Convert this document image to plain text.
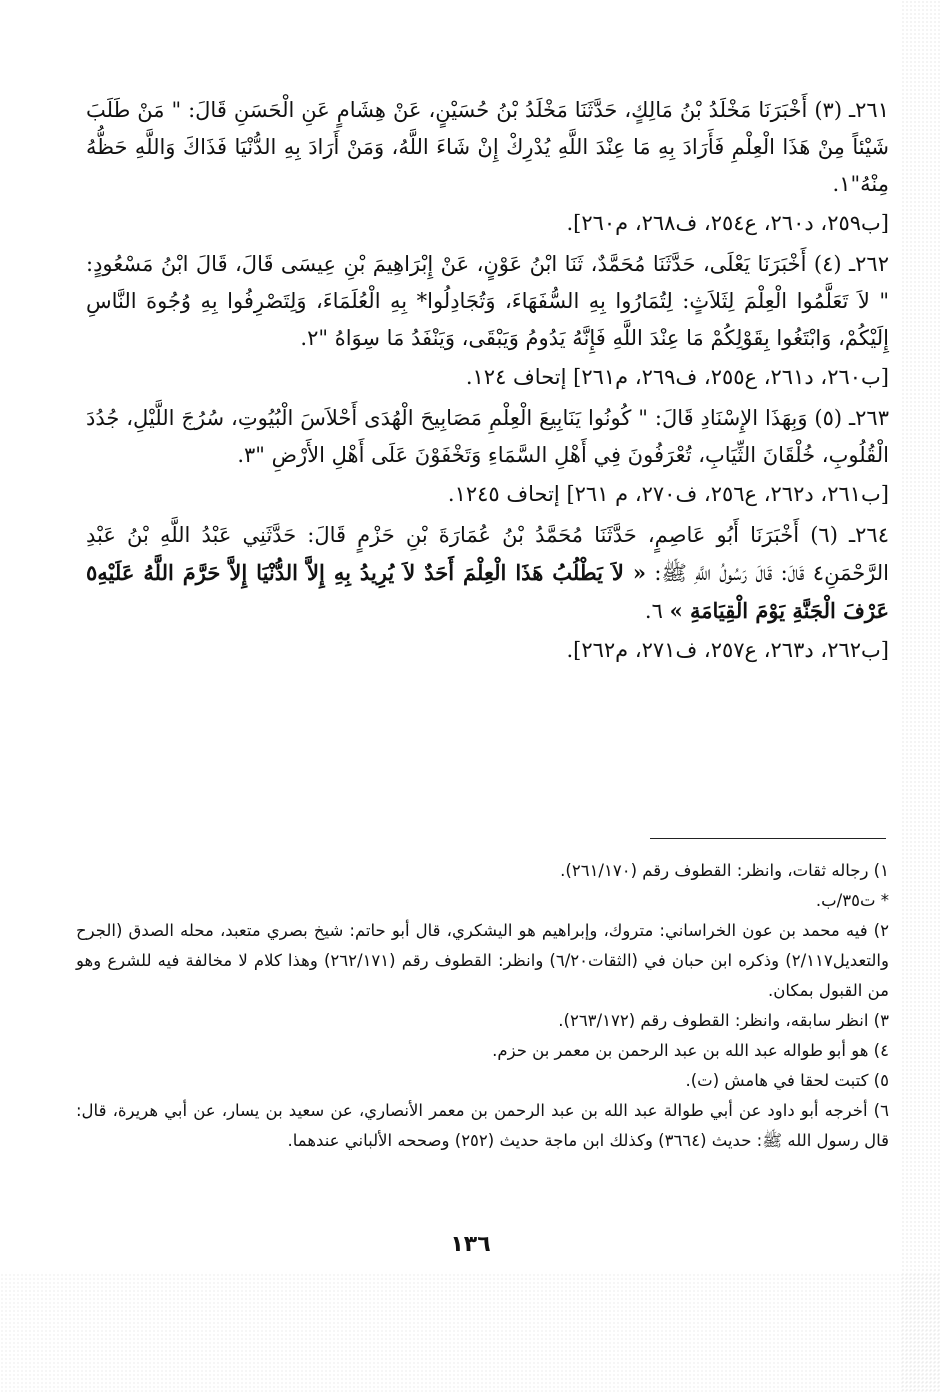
٢٦١ـ (٣) أَخْبَرَنَا مَخْلَدُ بْنُ مَالِكٍ، حَدَّثَنَا مَخْلَدُ بْنُ حُسَيْنٍ، عَنْ هِشَامٍ عَنِ الْحَسَنِ قَالَ: " مَنْ طَلَبَ شَيْئاً مِنْ هَذَا الْعِلْمِ فَأَرَادَ بِهِ مَا عِنْدَ اللَّهِ يُدْرِكْ إِنْ شَاءَ اللَّهُ، وَمَنْ أَرَادَ بِهِ الدُّنْيَا فَذَاكَ وَاللَّهِ حَظُّهُ مِنْهُ"١.

[ب٢٥٩، د٢٦٠، ع٢٥٤، ف٢٦٨، م٢٦٠].

٢٦٢ـ (٤) أَخْبَرَنَا يَعْلَى، حَدَّثَنَا مُحَمَّدٌ، ثَنَا ابْنُ عَوْنٍ، عَنْ إِبْرَاهِيمَ بْنِ عِيسَى قَالَ، قَالَ ابْنُ مَسْعُودٍ: " لاَ تَعَلَّمُوا الْعِلْمَ لِثَلاَثٍ: لِتُمَارُوا بِهِ السُّفَهَاءَ، وَتُجَادِلُوا* بِهِ الْعُلَمَاءَ، وَلِتَصْرِفُوا بِهِ وُجُوهَ النَّاسِ إِلَيْكُمْ، وَابْتَغُوا بِقَوْلِكُمْ مَا عِنْدَ اللَّهِ فَإِنَّهُ يَدُومُ وَيَبْقَى، وَيَنْفَدُ مَا سِوَاهُ "٢.

[ب٢٦٠، د٢٦١، ع٢٥٥، ف٢٦٩، م٢٦١] إتحاف ١٢٤.

٢٦٣ـ (٥) وَبِهَذَا الإِسْنَادِ قَالَ: " كُونُوا يَنَابِيعَ الْعِلْمِ مَصَابِيحَ الْهُدَى أَحْلاَسَ الْبُيُوتِ، سُرُجَ اللَّيْلِ، جُدُدَ الْقُلُوبِ، خُلْقَانَ الثِّيَابِ، تُعْرَفُونَ فِي أَهْلِ السَّمَاءِ وَتَخْفَوْنَ عَلَى أَهْلِ الأَرْضِ "٣.

[ب٢٦١، د٢٦٢، ع٢٥٦، ف٢٧٠، م ٢٦١] إتحاف ١٢٤٥.

٢٦٤ـ (٦) أَخْبَرَنَا أَبُو عَاصِمٍ، حَدَّثَنَا مُحَمَّدُ بْنُ عُمَارَةَ بْنِ حَزْمٍ قَالَ: حَدَّثَنِي عَبْدُ اللَّهِ بْنُ عَبْدِ الرَّحْمَنِ٤ قَالَ: قَالَ رَسُولُ اللَّهِ ﷺ: « لاَ يَطْلُبُ هَذَا الْعِلْمَ أَحَدٌ لاَ يُرِيدُ بِهِ إِلاَّ الدُّنْيَا إِلاَّ حَرَّمَ اللَّهُ عَلَيْهِ٥ عَرْفَ الْجَنَّةِ يَوْمَ الْقِيَامَةِ » ٦.

[ب٢٦٢، د٢٦٣، ع٢٥٧، ف٢٧١، م٢٦٢].

١) رجاله ثقات، وانظر: القطوف رقم (٢٦١/١٧٠).

* ت٣٥/ب.

٢) فيه محمد بن عون الخراساني: متروك، وإبراهيم هو اليشكري، قال أبو حاتم: شيخ بصري متعبد، محله الصدق (الجرح والتعديل٢/١١٧) وذكره ابن حبان في (الثقات٦/٢٠) وانظر: القطوف رقم (٢٦٢/١٧١) وهذا كلام لا مخالفة فيه للشرع وهو من القبول بمكان.

٣) انظر سابقه، وانظر: القطوف رقم (٢٦٣/١٧٢).

٤) هو أبو طواله عبد الله بن عبد الرحمن بن معمر بن حزم.

٥) كتبت لحقا في هامش (ت).

٦) أخرجه أبو داود عن أبي طوالة عبد الله بن عبد الرحمن بن معمر الأنصاري، عن سعيد بن يسار، عن أبي هريرة، قال: قال رسول الله ﷺ: حديث (٣٦٦٤) وكذلك ابن ماجة حديث (٢٥٢) وصححه الألباني عندهما.

١٣٦
